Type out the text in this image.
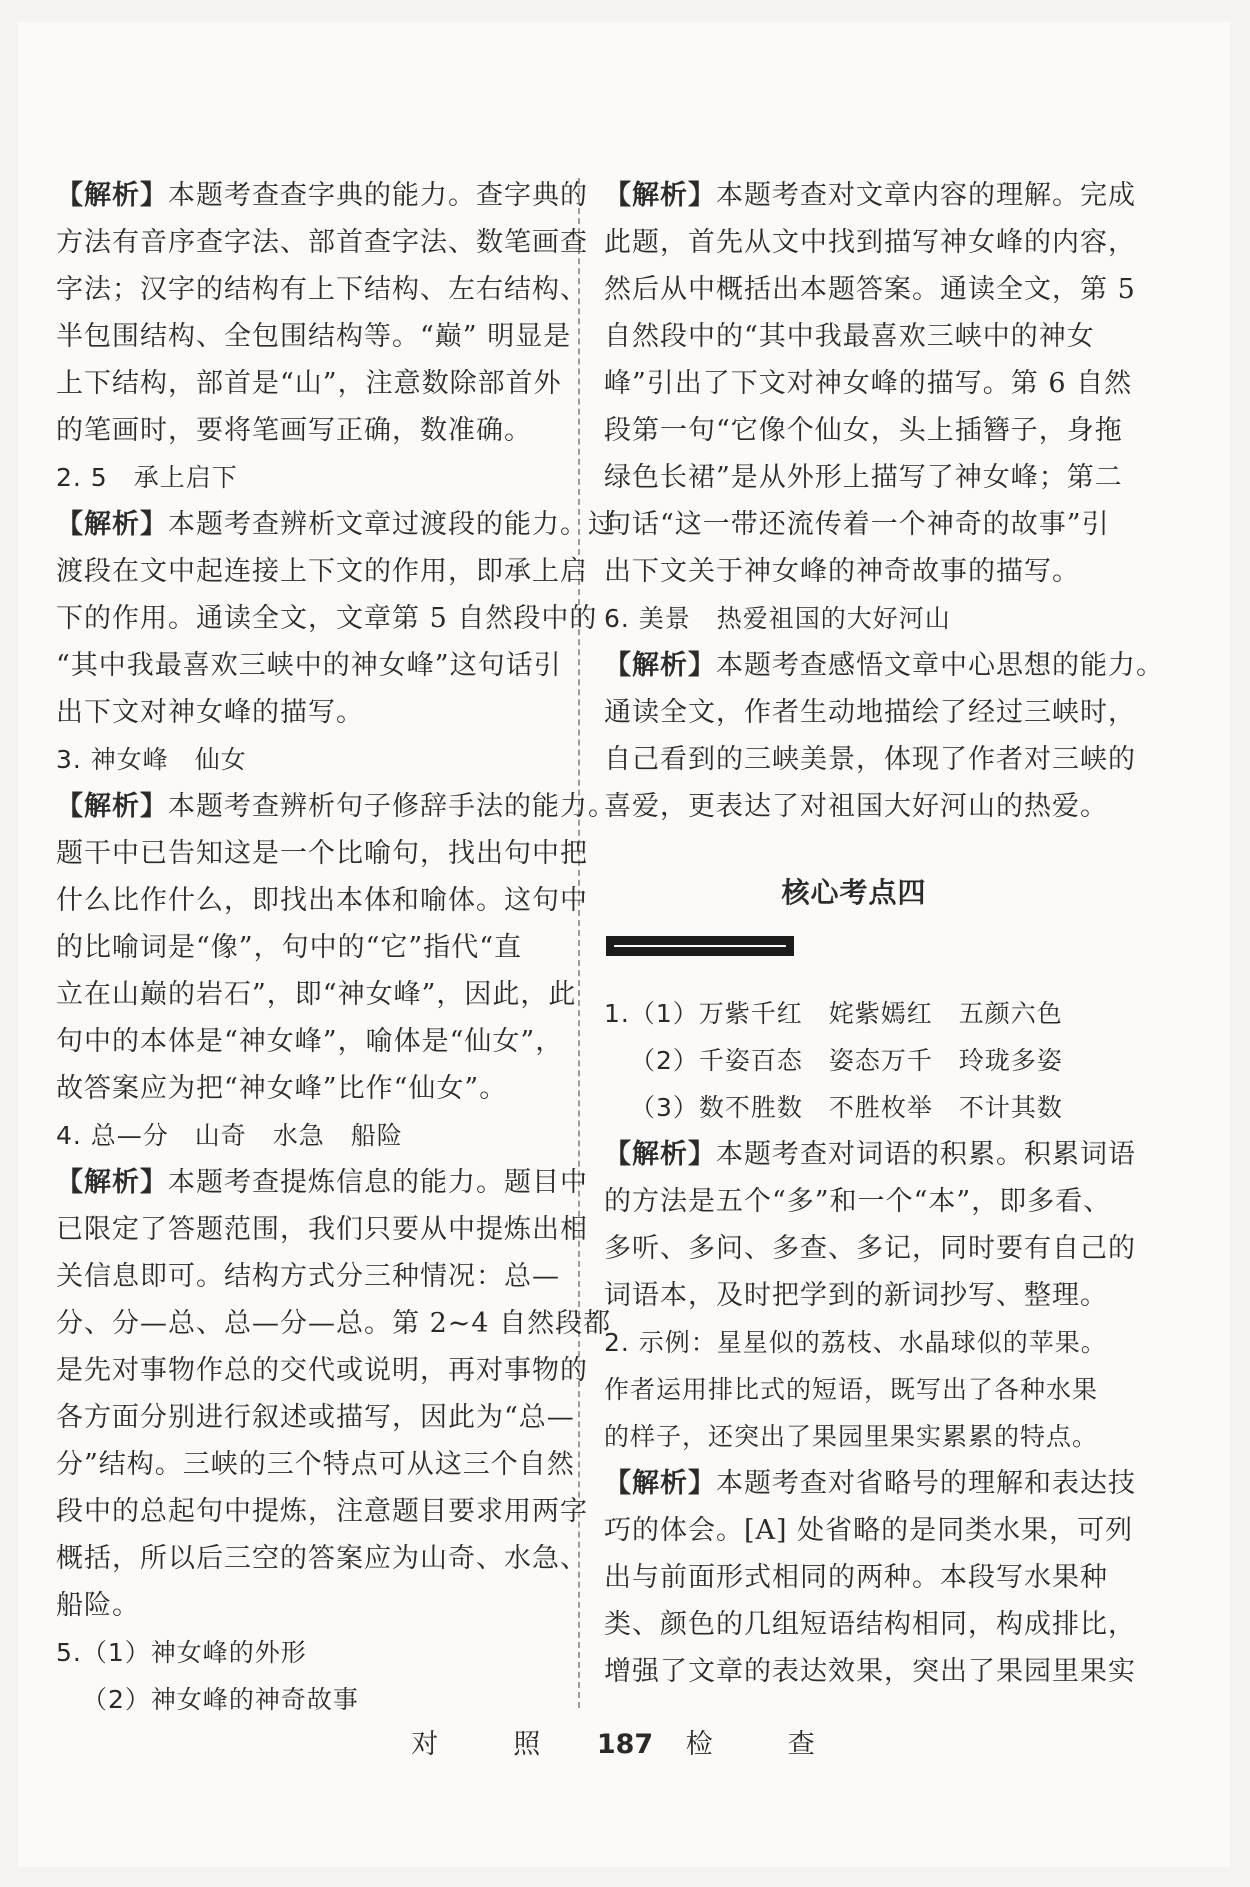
【解析】本题考查查字典的能力。查字典的
方法有音序查字法、部首查字法、数笔画查
字法；汉字的结构有上下结构、左右结构、
半包围结构、全包围结构等。“巅” 明显是
上下结构，部首是“山”，注意数除部首外
的笔画时，要将笔画写正确，数准确。
2. 5　承上启下
【解析】本题考查辨析文章过渡段的能力。过
渡段在文中起连接上下文的作用，即承上启
下的作用。通读全文，文章第 5 自然段中的
“其中我最喜欢三峡中的神女峰”这句话引
出下文对神女峰的描写。
3. 神女峰　仙女
【解析】本题考查辨析句子修辞手法的能力。
题干中已告知这是一个比喻句，找出句中把
什么比作什么，即找出本体和喻体。这句中
的比喻词是“像”，句中的“它”指代“直
立在山巅的岩石”，即“神女峰”，因此，此
句中的本体是“神女峰”，喻体是“仙女”，
故答案应为把“神女峰”比作“仙女”。
4. 总—分　山奇　水急　船险
【解析】本题考查提炼信息的能力。题目中
已限定了答题范围，我们只要从中提炼出相
关信息即可。结构方式分三种情况：总—
分、分—总、总—分—总。第 2~4 自然段都
是先对事物作总的交代或说明，再对事物的
各方面分别进行叙述或描写，因此为“总—
分”结构。三峡的三个特点可从这三个自然
段中的总起句中提炼，注意题目要求用两字
概括，所以后三空的答案应为山奇、水急、
船险。
5.（1）神女峰的外形
（2）神女峰的神奇故事
【解析】本题考查对文章内容的理解。完成
此题，首先从文中找到描写神女峰的内容，
然后从中概括出本题答案。通读全文，第 5
自然段中的“其中我最喜欢三峡中的神女
峰”引出了下文对神女峰的描写。第 6 自然
段第一句“它像个仙女，头上插簪子，身拖
绿色长裙”是从外形上描写了神女峰；第二
句话“这一带还流传着一个神奇的故事”引
出下文关于神女峰的神奇故事的描写。
6. 美景　热爱祖国的大好河山
【解析】本题考查感悟文章中心思想的能力。
通读全文，作者生动地描绘了经过三峡时，
自己看到的三峡美景，体现了作者对三峡的
喜爱，更表达了对祖国大好河山的热爱。
核心考点四
1.（1）万紫千红　姹紫嫣红　五颜六色
（2）千姿百态　姿态万千　玲珑多姿
（3）数不胜数　不胜枚举　不计其数
【解析】本题考查对词语的积累。积累词语
的方法是五个“多”和一个“本”，即多看、
多听、多问、多查、多记，同时要有自己的
词语本，及时把学到的新词抄写、整理。
2. 示例：星星似的荔枝、水晶球似的苹果。
作者运用排比式的短语，既写出了各种水果
的样子，还突出了果园里果实累累的特点。
【解析】本题考查对省略号的理解和表达技
巧的体会。[A] 处省略的是同类水果，可列
出与前面形式相同的两种。本段写水果种
类、颜色的几组短语结构相同，构成排比，
增强了文章的表达效果，突出了果园里果实
对　照 187 检　查
